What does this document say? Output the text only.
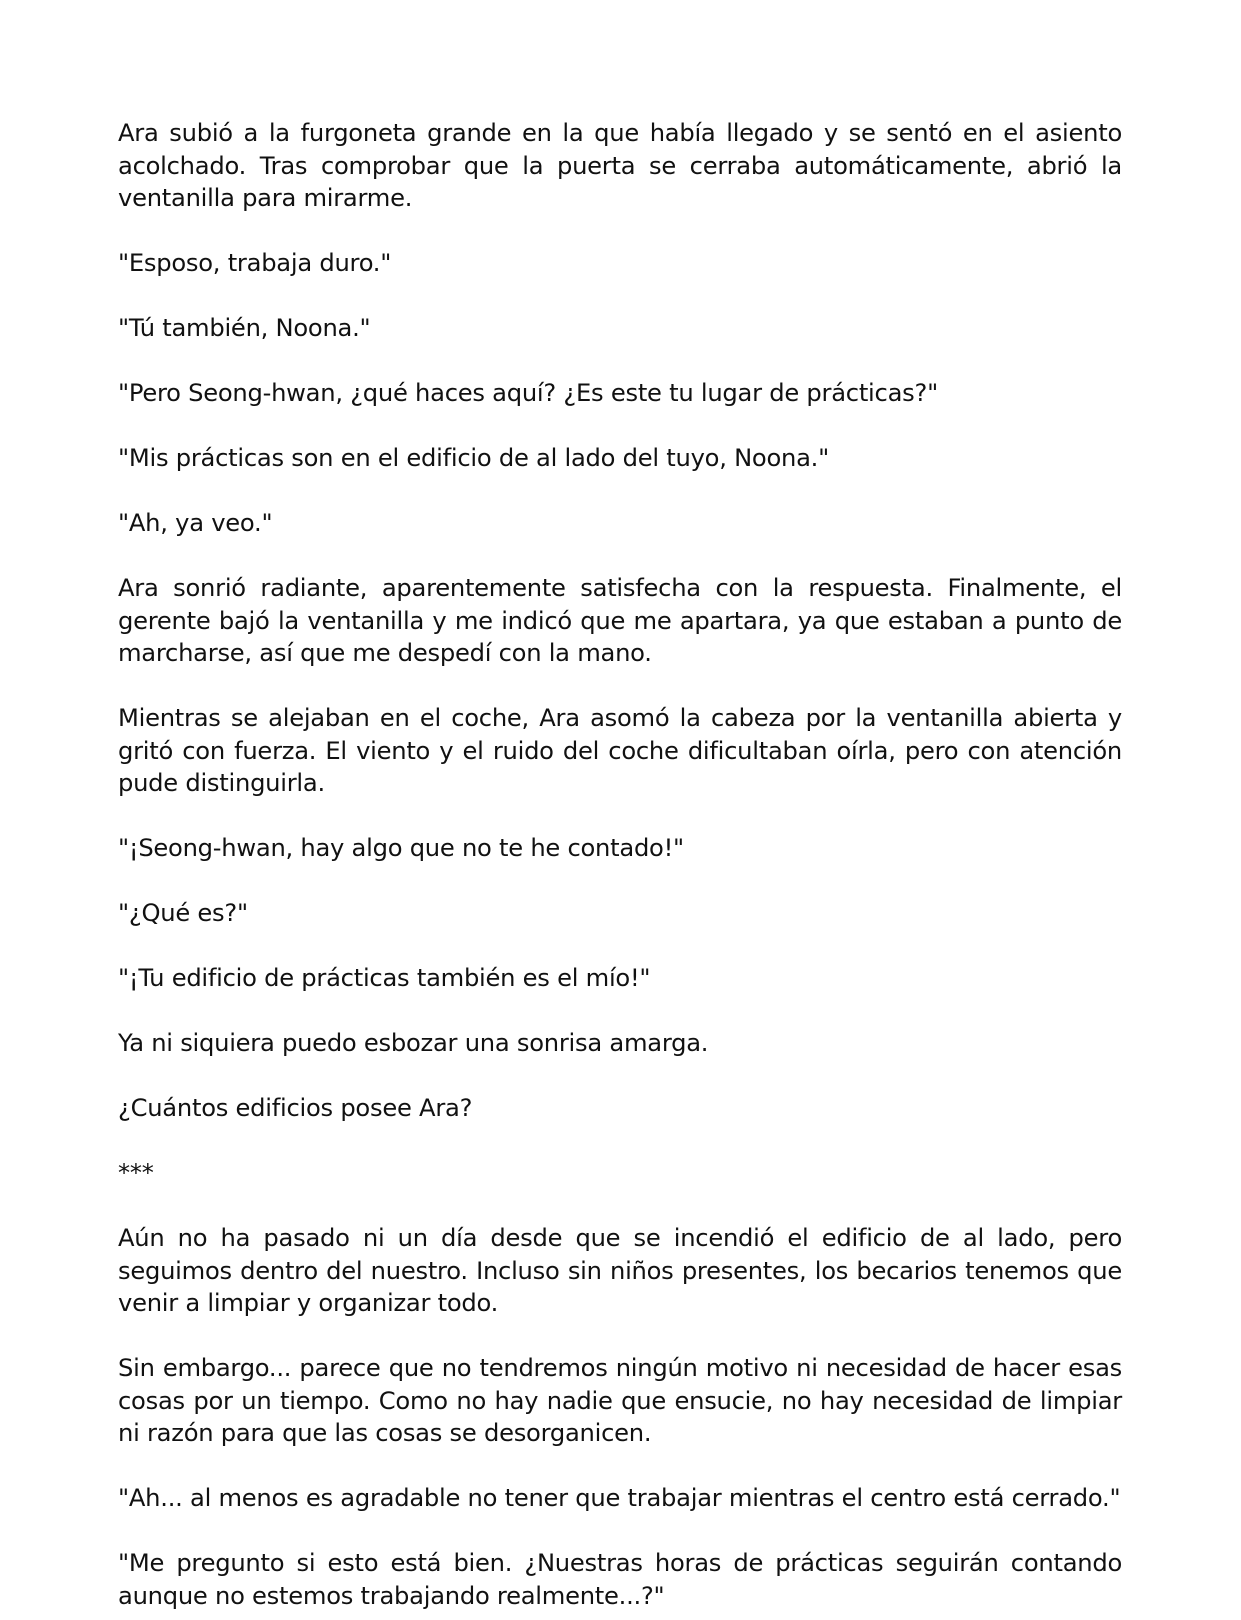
Ara subió a la furgoneta grande en la que había llegado y se sentó en el asiento acolchado. Tras comprobar que la puerta se cerraba automáticamente, abrió la ventanilla para mirarme.

"Esposo, trabaja duro."

"Tú también, Noona."

"Pero Seong-hwan, ¿qué haces aquí? ¿Es este tu lugar de prácticas?"

"Mis prácticas son en el edificio de al lado del tuyo, Noona."

"Ah, ya veo."

Ara sonrió radiante, aparentemente satisfecha con la respuesta. Finalmente, el gerente bajó la ventanilla y me indicó que me apartara, ya que estaban a punto de marcharse, así que me despedí con la mano.

Mientras se alejaban en el coche, Ara asomó la cabeza por la ventanilla abierta y gritó con fuerza. El viento y el ruido del coche dificultaban oírla, pero con atención pude distinguirla.

"¡Seong-hwan, hay algo que no te he contado!"

"¿Qué es?"

"¡Tu edificio de prácticas también es el mío!"

Ya ni siquiera puedo esbozar una sonrisa amarga.

¿Cuántos edificios posee Ara?

***

Aún no ha pasado ni un día desde que se incendió el edificio de al lado, pero seguimos dentro del nuestro. Incluso sin niños presentes, los becarios tenemos que venir a limpiar y organizar todo.

Sin embargo... parece que no tendremos ningún motivo ni necesidad de hacer esas cosas por un tiempo. Como no hay nadie que ensucie, no hay necesidad de limpiar ni razón para que las cosas se desorganicen.

"Ah... al menos es agradable no tener que trabajar mientras el centro está cerrado."

"Me pregunto si esto está bien. ¿Nuestras horas de prácticas seguirán contando aunque no estemos trabajando realmente...?"
